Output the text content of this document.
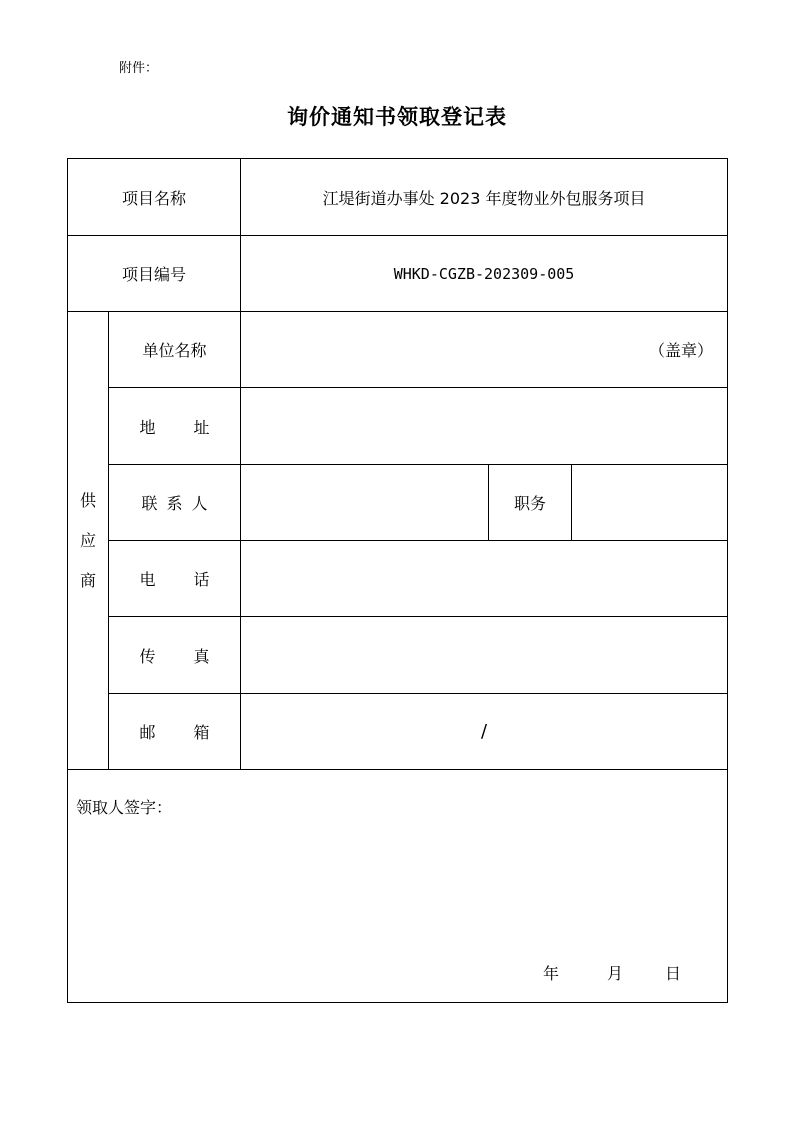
附件：
询价通知书领取登记表
项目名称		江堤街道办事处 2023 年度物业外包服务项目		
项目编号		WHKD-CGZB-202309-005		

供
应
商	单位名称	（盖章）		
	地 址			
	联系人		职务	
	电 话			
	传 真			
	邮 箱	/		

领取人签字：
年 月 日				
